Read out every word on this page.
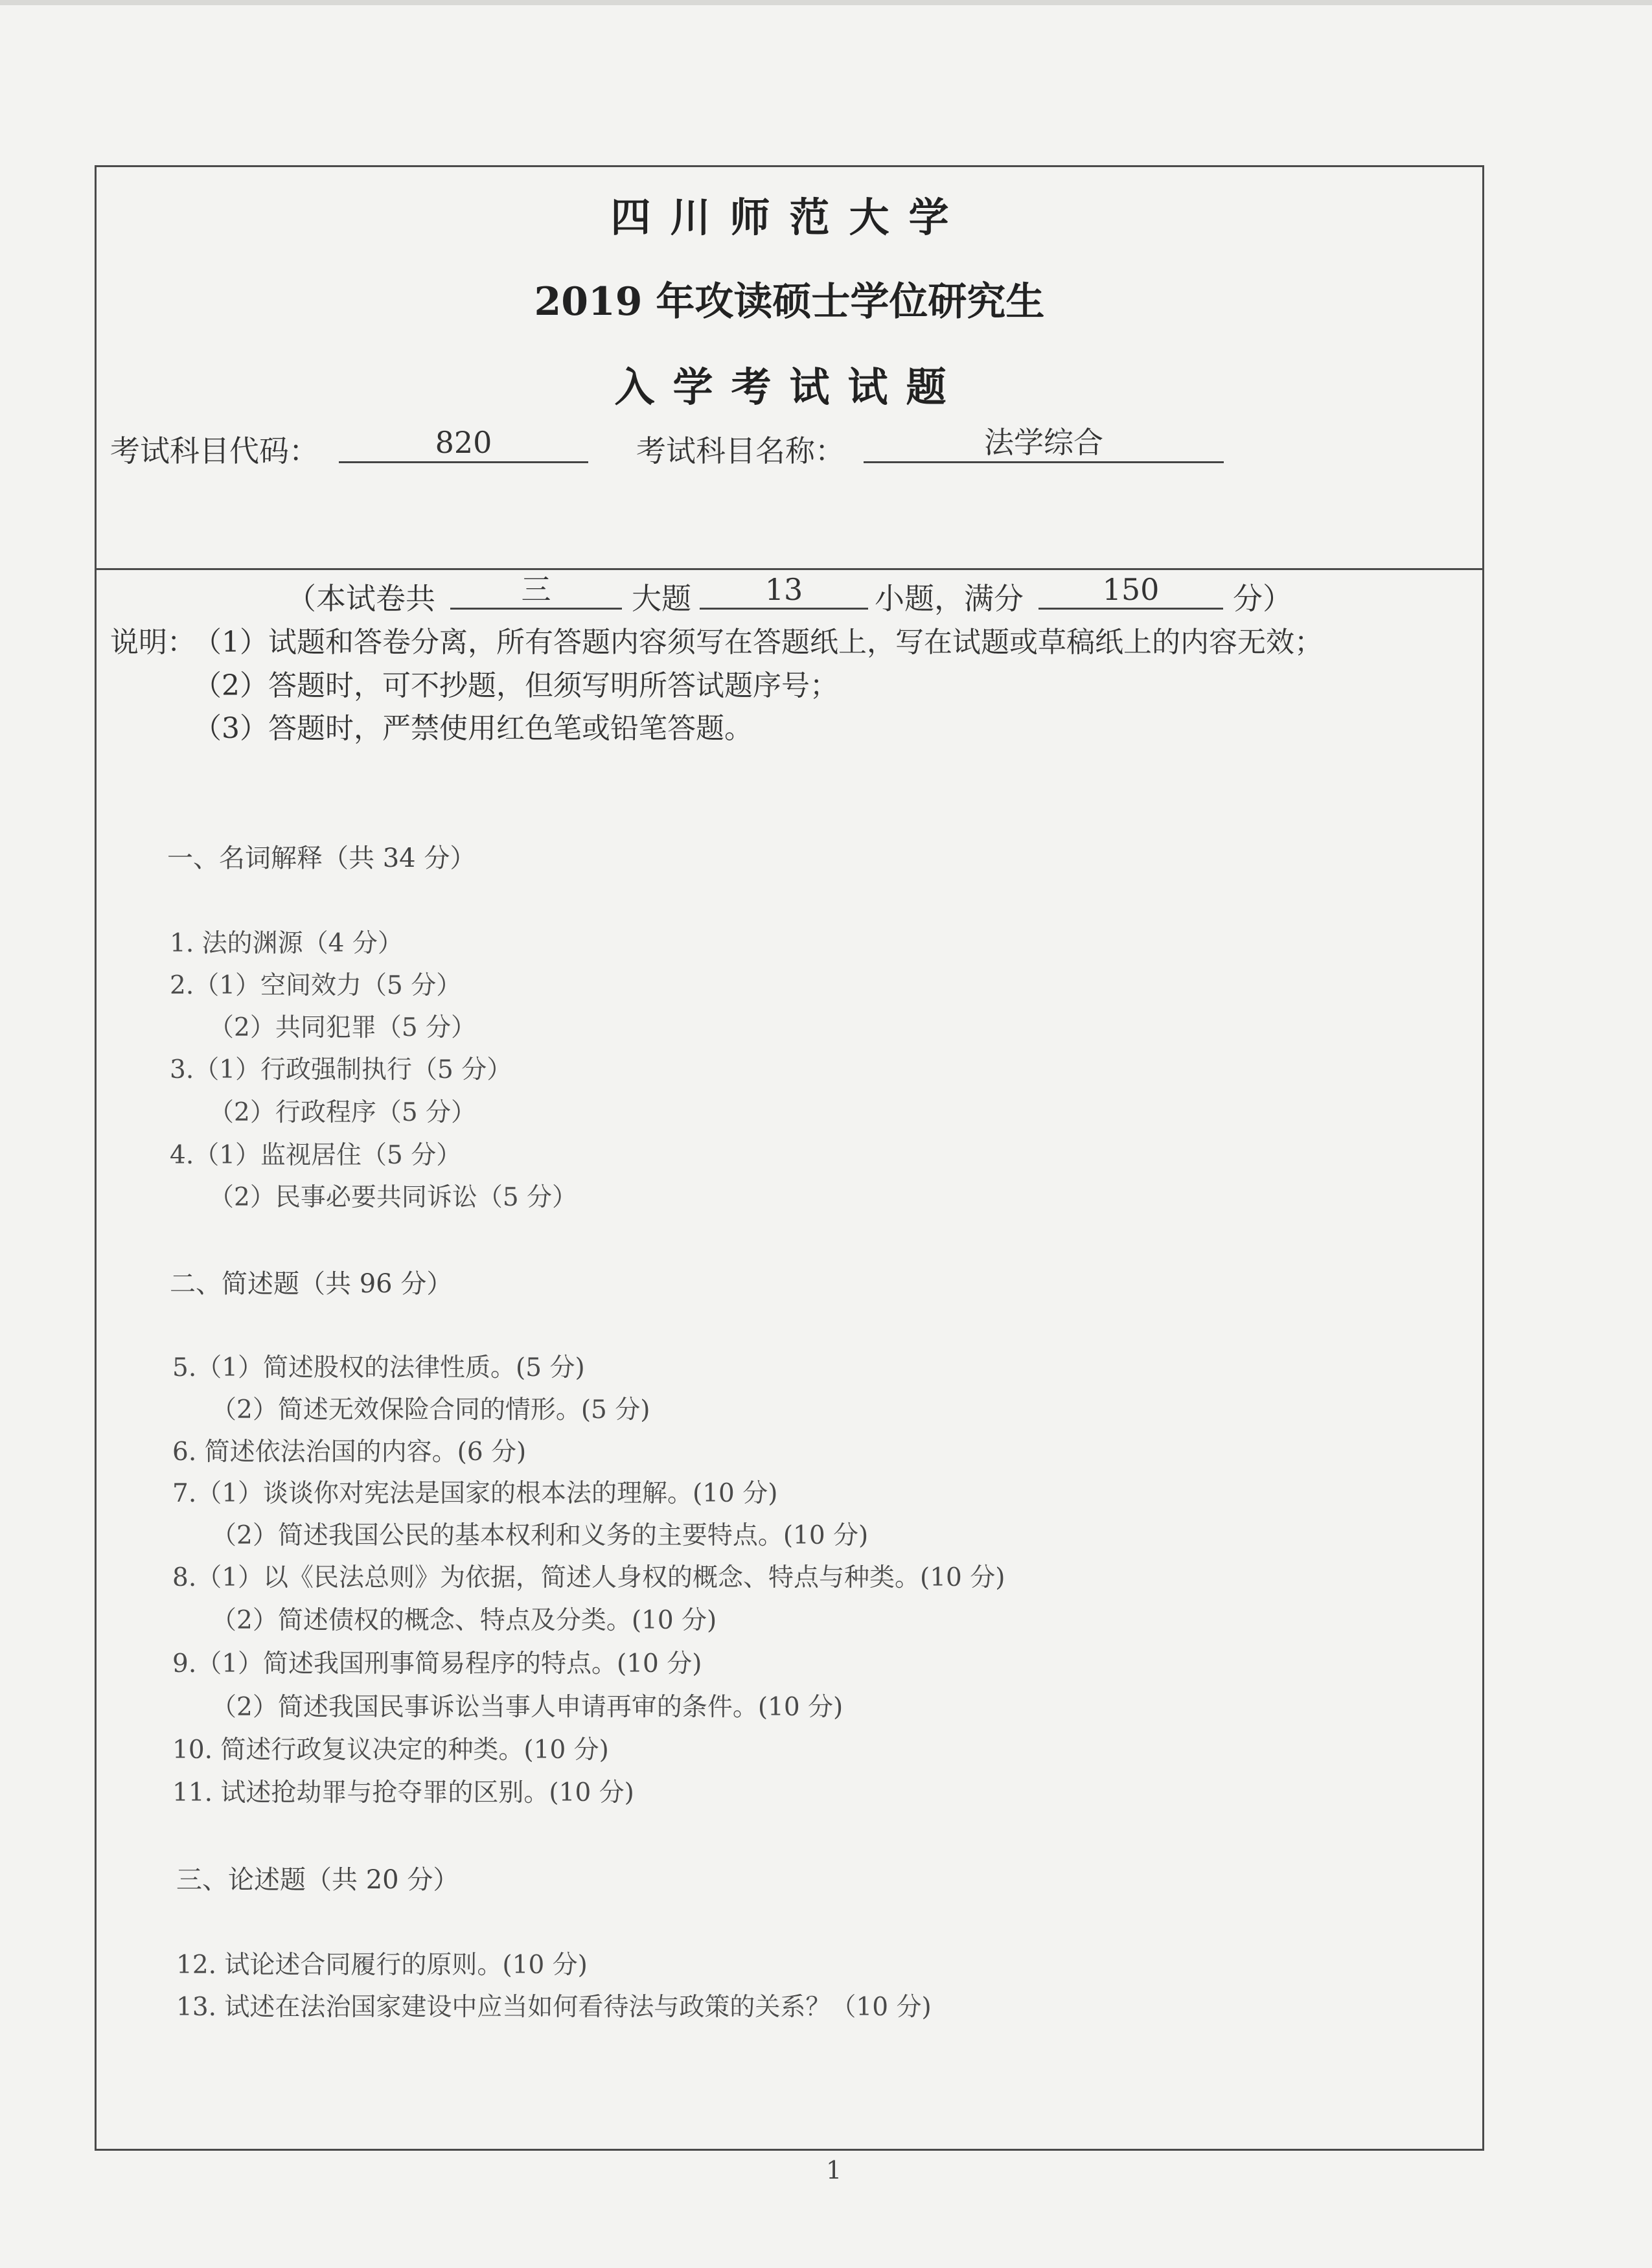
四川师范大学
2019 年攻读硕士学位研究生
入学考试试题
考试科目代码：	820	考试科目名称：	法学综合
（本试卷共	三	大题	13	小题，满分	150	分）
说明：
（1）试题和答卷分离，所有答题内容须写在答题纸上，写在试题或草稿纸上的内容无效；
（2）答题时，可不抄题，但须写明所答试题序号；
（3）答题时，严禁使用红色笔或铅笔答题。
一、名词解释（共 34 分）
1. 法的渊源（4 分）
2.（1）空间效力（5 分）
（2）共同犯罪（5 分）
3.（1）行政强制执行（5 分）
（2）行政程序（5 分）
4.（1）监视居住（5 分）
（2）民事必要共同诉讼（5 分）
二、简述题（共 96 分）
5.（1）简述股权的法律性质。(5 分)
（2）简述无效保险合同的情形。(5 分)
6. 简述依法治国的内容。(6 分)
7.（1）谈谈你对宪法是国家的根本法的理解。(10 分)
（2）简述我国公民的基本权利和义务的主要特点。(10 分)
8.（1）以《民法总则》为依据，简述人身权的概念、特点与种类。(10 分)
（2）简述债权的概念、特点及分类。(10 分)
9.（1）简述我国刑事简易程序的特点。(10 分)
（2）简述我国民事诉讼当事人申请再审的条件。(10 分)
10. 简述行政复议决定的种类。(10 分)
11. 试述抢劫罪与抢夺罪的区别。(10 分)
三、论述题（共 20 分）
12. 试论述合同履行的原则。(10 分)
13. 试述在法治国家建设中应当如何看待法与政策的关系？（10 分)
1
